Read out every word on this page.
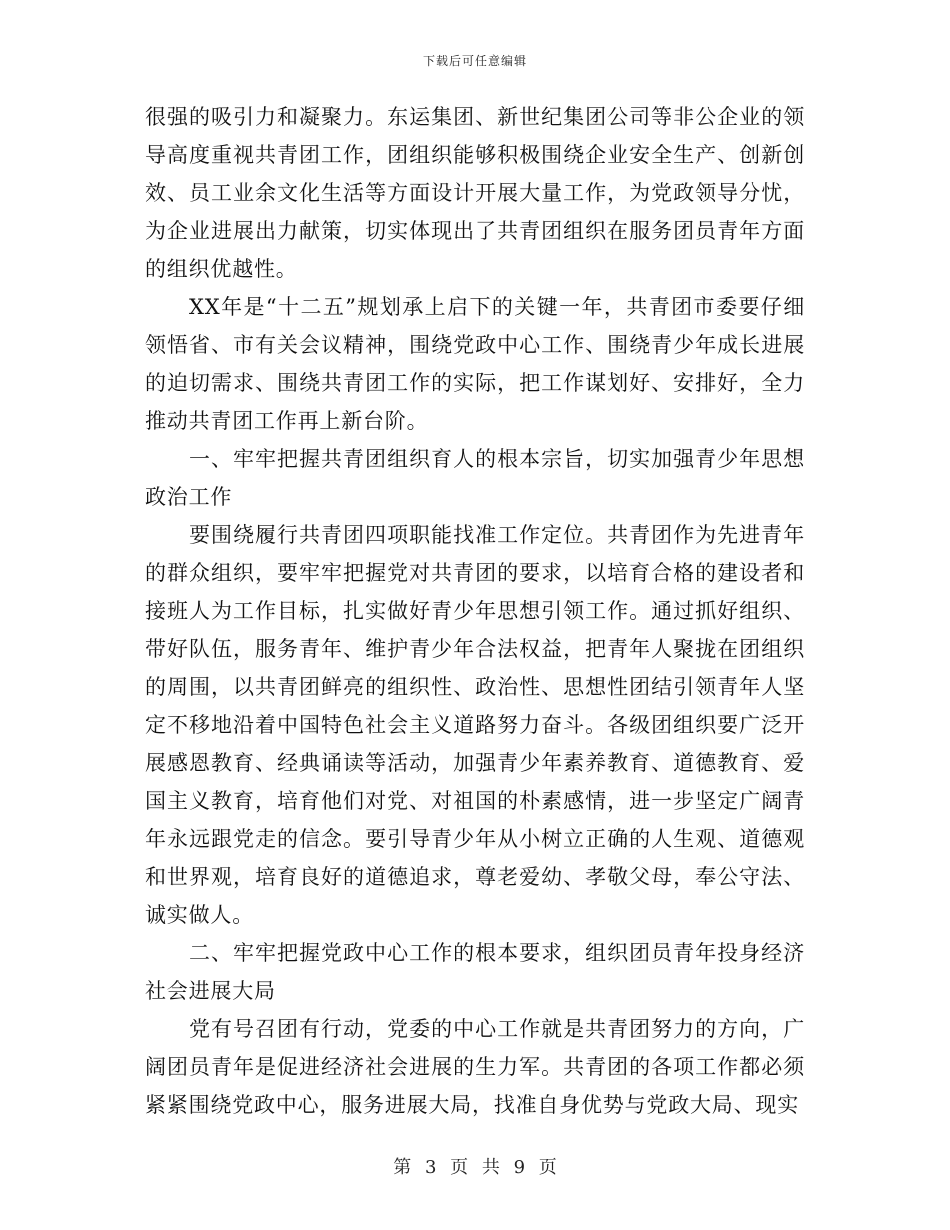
下载后可任意编辑

很强的吸引力和凝聚力。东运集团、新世纪集团公司等非公企业的领导高度重视共青团工作，团组织能够积极围绕企业安全生产、创新创效、员工业余文化生活等方面设计开展大量工作，为党政领导分忧，为企业进展出力献策，切实体现出了共青团组织在服务团员青年方面的组织优越性。

XX年是“十二五”规划承上启下的关键一年，共青团市委要仔细领悟省、市有关会议精神，围绕党政中心工作、围绕青少年成长进展的迫切需求、围绕共青团工作的实际，把工作谋划好、安排好，全力推动共青团工作再上新台阶。

一、牢牢把握共青团组织育人的根本宗旨，切实加强青少年思想政治工作

要围绕履行共青团四项职能找准工作定位。共青团作为先进青年的群众组织，要牢牢把握党对共青团的要求，以培育合格的建设者和接班人为工作目标，扎实做好青少年思想引领工作。通过抓好组织、带好队伍，服务青年、维护青少年合法权益，把青年人聚拢在团组织的周围，以共青团鲜亮的组织性、政治性、思想性团结引领青年人坚定不移地沿着中国特色社会主义道路努力奋斗。各级团组织要广泛开展感恩教育、经典诵读等活动，加强青少年素养教育、道德教育、爱国主义教育，培育他们对党、对祖国的朴素感情，进一步坚定广阔青年永远跟党走的信念。要引导青少年从小树立正确的人生观、道德观和世界观，培育良好的道德追求，尊老爱幼、孝敬父母，奉公守法、诚实做人。

二、牢牢把握党政中心工作的根本要求，组织团员青年投身经济社会进展大局

党有号召团有行动，党委的中心工作就是共青团努力的方向，广阔团员青年是促进经济社会进展的生力军。共青团的各项工作都必须紧紧围绕党政中心，服务进展大局，找准自身优势与党政大局、现实

第 3 页 共 9 页
